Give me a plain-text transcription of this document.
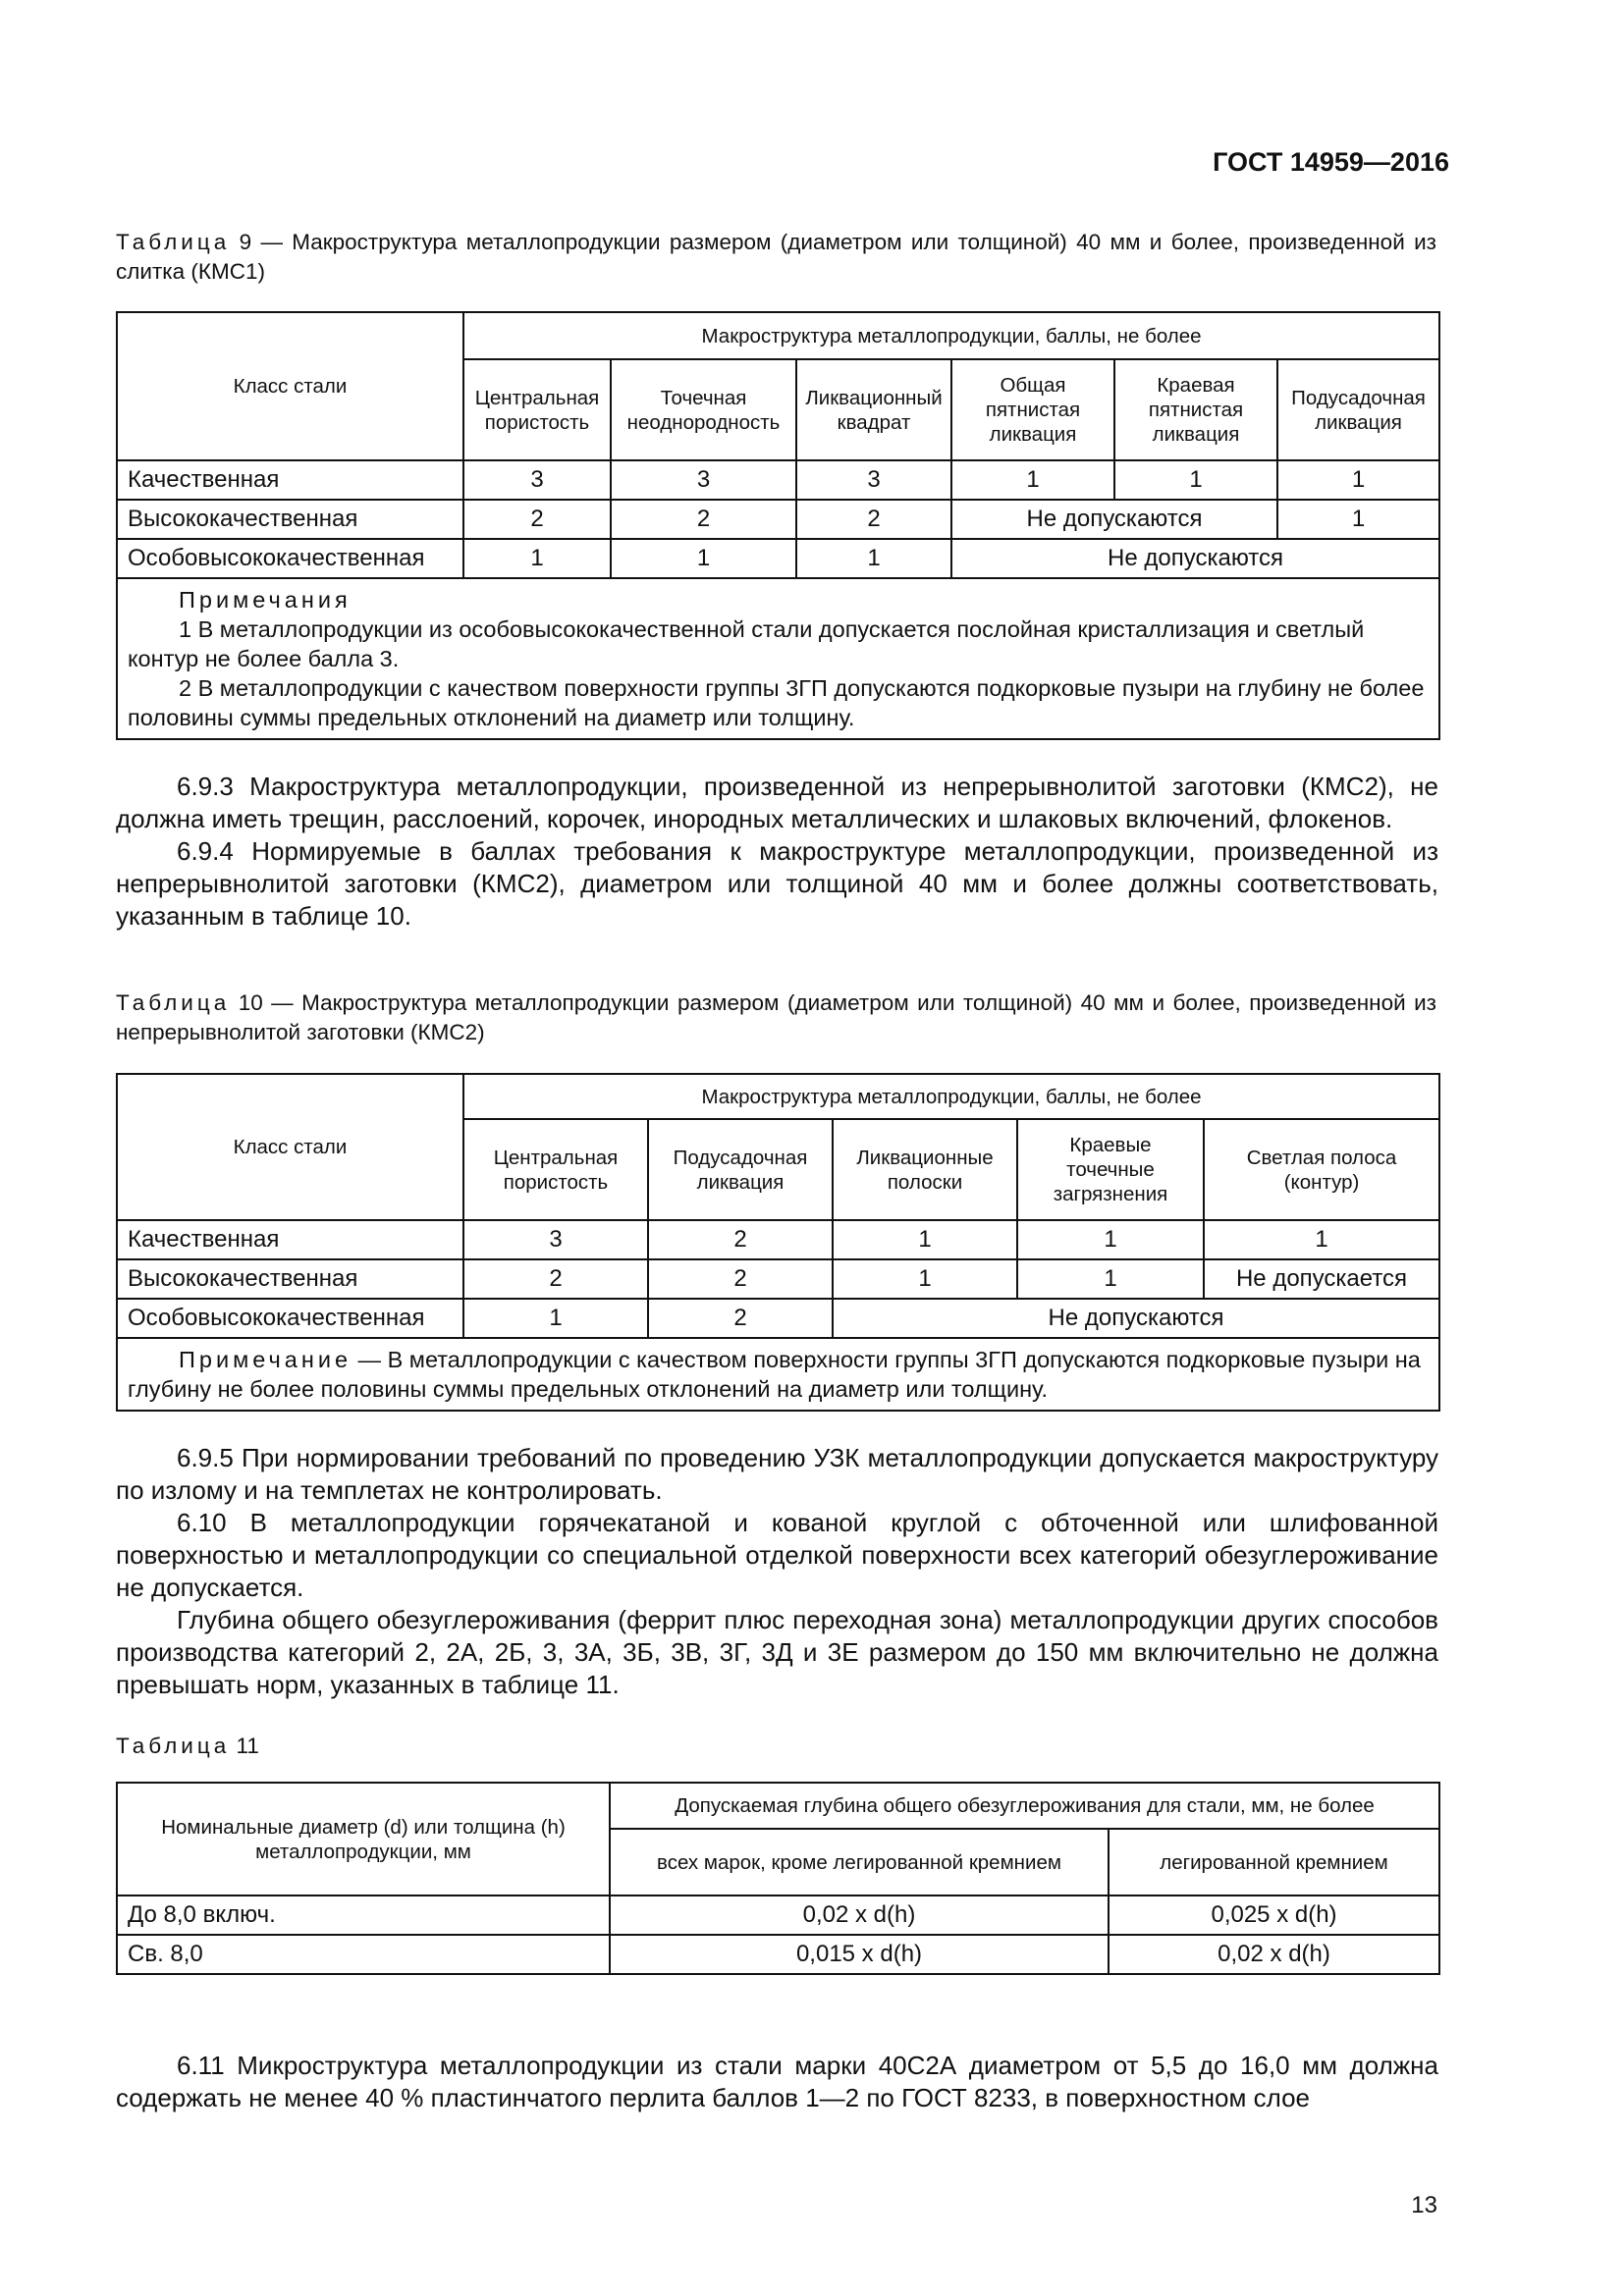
ГОСТ 14959—2016
Таблица 9 — Макроструктура металлопродукции размером (диаметром или толщиной) 40 мм и более, произведенной из слитка (КМС1)
Класс стали	Макроструктура металлопродукции, баллы, не более					
	Центральная пористость	Точечная неоднородность	Ликвационный квадрат	Общая пятнистая ликвация	Краевая пятнистая ликвация	Подусадочная ликвация
Качественная	3	3	3	1	1	1
Высококачественная	2	2	2	Не допускаются		1
Особовысококачественная	1	1	1	Не допускаются		

Примечания
1 В металлопродукции из особовысококачественной стали допускается послойная кристаллизация и светлый контур не более балла 3.
2 В металлопродукции с качеством поверхности группы 3ГП допускаются подкорковые пузыри на глубину не более половины суммы предельных отклонений на диаметр или толщину.						

6.9.3 Макроструктура металлопродукции, произведенной из непрерывнолитой заготовки (КМС2), не должна иметь трещин, расслоений, корочек, инородных металлических и шлаковых включений, флокенов.

6.9.4 Нормируемые в баллах требования к макроструктуре металлопродукции, произведенной из непрерывнолитой заготовки (КМС2), диаметром или толщиной 40 мм и более должны соответствовать, указанным в таблице 10.

Таблица 10 — Макроструктура металлопродукции размером (диаметром или толщиной) 40 мм и более, произведенной из непрерывнолитой заготовки (КМС2)
Класс стали	Макроструктура металлопродукции, баллы, не более				
	Центральная пористость	Подусадочная ликвация	Ликвационные полоски	Краевые точечные загрязнения	Светлая полоса (контур)
Качественная	3	2	1	1	1
Высококачественная	2	2	1	1	Не допускается
Особовысококачественная	1	2	Не допускаются		

Примечание — В металлопродукции с качеством поверхности группы 3ГП допускаются подкорковые пузыри на глубину не более половины суммы предельных отклонений на диаметр или толщину.					

6.9.5 При нормировании требований по проведению УЗК металлопродукции допускается макроструктуру по излому и на темплетах не контролировать.

6.10 В металлопродукции горячекатаной и кованой круглой с обточенной или шлифованной поверхностью и металлопродукции со специальной отделкой поверхности всех категорий обезуглероживание не допускается.

Глубина общего обезуглероживания (феррит плюс переходная зона) металлопродукции других способов производства категорий 2, 2А, 2Б, 3, 3А, 3Б, 3В, 3Г, 3Д и 3Е размером до 150 мм включительно не должна превышать норм, указанных в таблице 11.

Таблица 11
Номинальные диаметр (d) или толщина (h) металлопродукции, мм	Допускаемая глубина общего обезуглероживания для стали, мм, не более	
	всех марок, кроме легированной кремнием	легированной кремнием
До 8,0 включ.	0,02 x d(h)	0,025 x d(h)
Св. 8,0	0,015 x d(h)	0,02 x d(h)

6.11 Микроструктура металлопродукции из стали марки 40С2А диаметром от 5,5 до 16,0 мм должна содержать не менее 40 % пластинчатого перлита баллов 1—2 по ГОСТ 8233, в поверхностном слое

13
